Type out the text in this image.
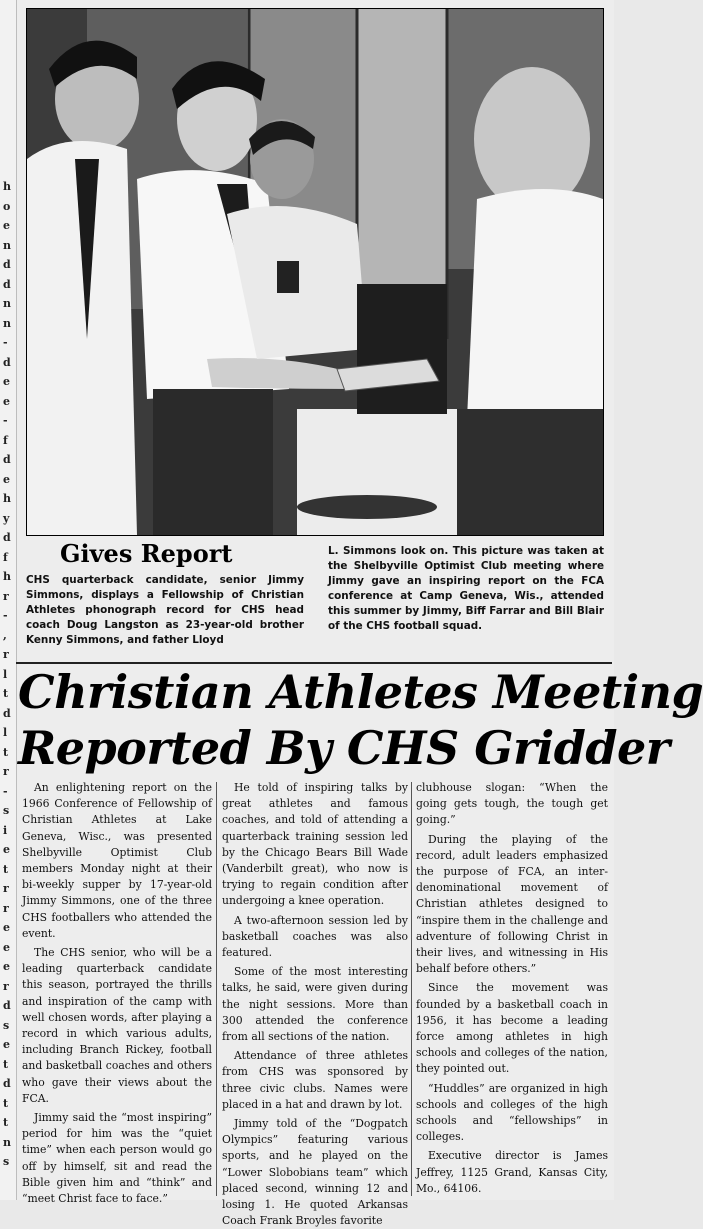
h
o
e
n
d
d
n
n
-
d
e
e
-
f
d
e
h
y
d
f
h
r
-
,
r
l
t
d
l
t
r
-
s
i
e
t
r
r
e
e
e
r
d
s
e
t
d
t
t
n
s
Gives Report
CHS quarterback candidate, senior Jimmy Simmons, displays a Fellowship of Christian Athletes phonograph record for CHS head coach Doug Langston as 23-year-old brother Kenny Simmons, and father Lloyd
L. Simmons look on. This picture was taken at the Shelbyville Optimist Club meeting where Jimmy gave an inspiring report on the FCA conference at Camp Geneva, Wis., attended this summer by Jimmy, Biff Farrar and Bill Blair of the CHS football squad.
Christian Athletes Meeting
Reported By CHS Gridder

An enlightening report on the 1966 Conference of Fellowship of Christian Athletes at Lake Geneva, Wisc., was presented Shelbyville Optimist Club members Monday night at their bi-weekly supper by 17-year-old Jimmy Simmons, one of the three CHS footballers who attended the event.

The CHS senior, who will be a leading quarterback candidate this season, portrayed the thrills and inspiration of the camp with well chosen words, after playing a record in which various adults, including Branch Rickey, football and basketball coaches and others who gave their views about the FCA.

Jimmy said the “most inspiring” period for him was the “quiet time” when each person would go off by himself, sit and read the Bible given him and “think” and “meet Christ face to face.”

He told of inspiring talks by great athletes and famous coaches, and told of attending a quarterback training session led by the Chicago Bears Bill Wade (Vanderbilt great), who now is trying to regain condition after undergoing a knee operation.

A two-afternoon session led by basketball coaches was also featured.

Some of the most interesting talks, he said, were given during the night sessions. More than 300 attended the conference from all sections of the nation.

Attendance of three athletes from CHS was sponsored by three civic clubs. Names were placed in a hat and drawn by lot.

Jimmy told of the “Dogpatch Olympics” featuring various sports, and he played on the “Lower Slobobians team” which placed second, winning 12 and losing 1. He quoted Arkansas Coach Frank Broyles favorite

clubhouse slogan: “When the going gets tough, the tough get going.”

During the playing of the record, adult leaders emphasized the purpose of FCA, an inter-denominational movement of Christian athletes designed to “inspire them in the challenge and adventure of following Christ in their lives, and witnessing in His behalf before others.”

Since the movement was founded by a basketball coach in 1956, it has become a leading force among athletes in high schools and colleges of the nation, they pointed out.

“Huddles” are organized in high schools and colleges of the high schools and “fellowships” in colleges.

Executive director is James Jeffrey, 1125 Grand, Kansas City, Mo., 64106.
